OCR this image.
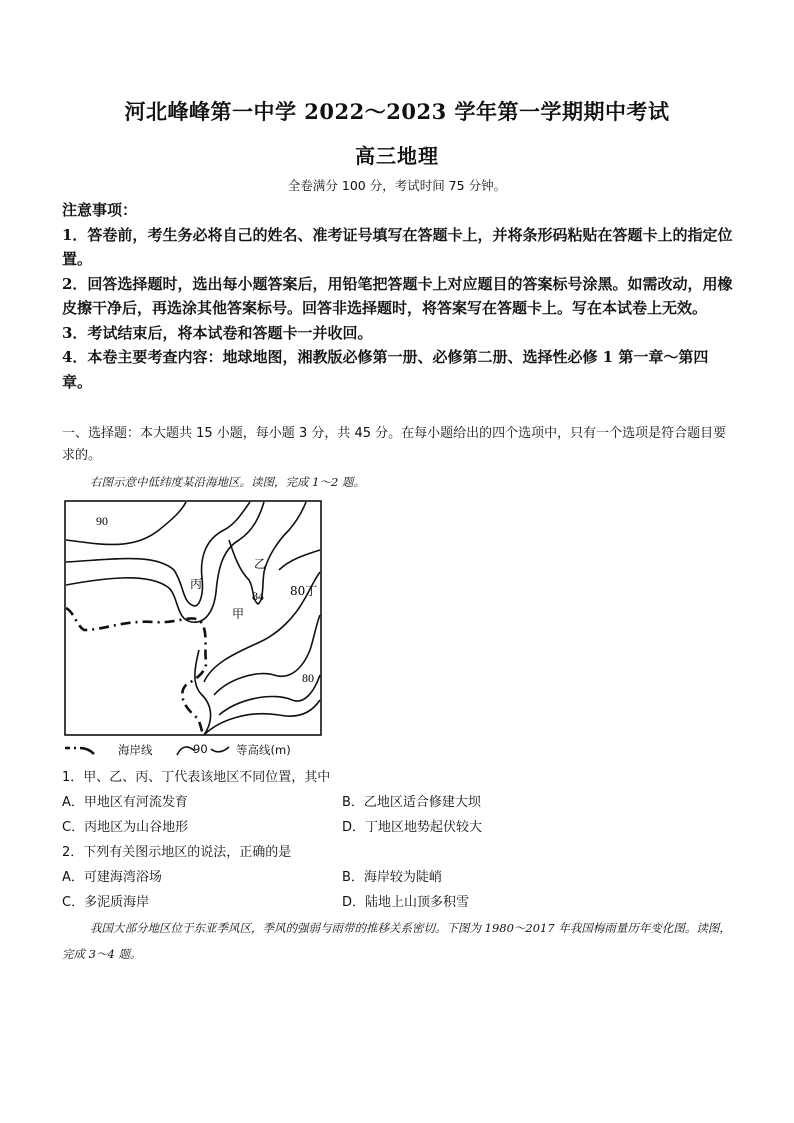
河北峰峰第一中学 2022～2023 学年第一学期期中考试
高三地理
全卷满分 100 分，考试时间 75 分钟。
注意事项：
1．答卷前，考生务必将自己的姓名、准考证号填写在答题卡上，并将条形码粘贴在答题卡上的指定位置。
2．回答选择题时，选出每小题答案后，用铅笔把答题卡上对应题目的答案标号涂黑。如需改动，用橡皮擦干净后，再选涂其他答案标号。回答非选择题时，将答案写在答题卡上。写在本试卷上无效。
3．考试结束后，将本试卷和答题卡一并收回。
4．本卷主要考查内容：地球地图，湘教版必修第一册、必修第二册、选择性必修 1 第一章～第四章。
一、选择题：本大题共 15 小题，每小题 3 分，共 45 分。在每小题给出的四个选项中，只有一个选项是符合题目要求的。
右图示意中低纬度某沿海地区。读图，完成 1～2 题。
90
乙
丙
84
甲
80丁
80
海岸线	90 等高线(m)
1．甲、乙、丙、丁代表该地区不同位置，其中
A．甲地区有河流发育	B．乙地区适合修建大坝
C．丙地区为山谷地形	D．丁地区地势起伏较大
2．下列有关图示地区的说法，正确的是
A．可建海湾浴场	B．海岸较为陡峭
C．多泥质海岸	D．陆地上山顶多积雪
我国大部分地区位于东亚季风区，季风的强弱与雨带的推移关系密切。下图为 1980～2017 年我国梅雨量历年变化图。读图，完成 3～4 题。
